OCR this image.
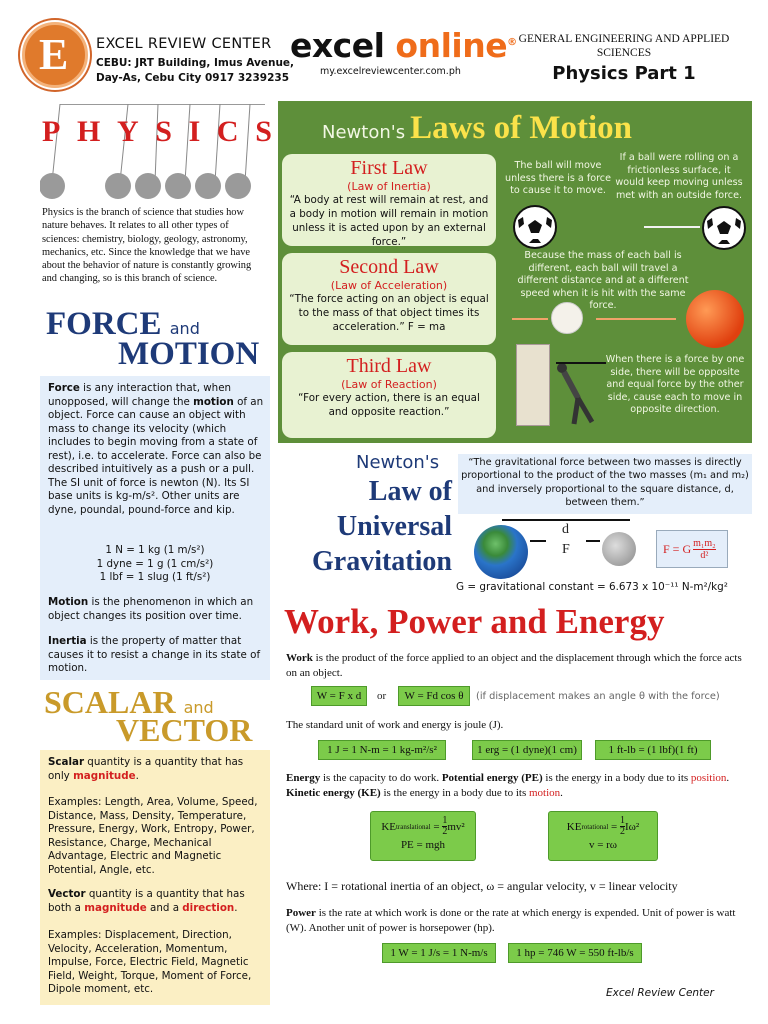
E EXCEL REVIEW CENTER
CEBU: JRT Building, Imus Avenue,
Day-As, Cebu City 0917 3239235
excel online®
my.excelreviewcenter.com.ph
GENERAL ENGINEERING AND APPLIED
SCIENCES
Physics Part 1
P H Y S I C S
Physics is the branch of science that studies how nature behaves. It relates to all other types of sciences: chemistry, biology, geology, astronomy, mechanics, etc. Since the knowledge that we have about the behavior of nature is constantly growing and changing, so is this branch of science.
FORCE and
MOTION
Force is any interaction that, when unopposed, will change the motion of an object. Force can cause an object with mass to change its velocity (which includes to begin moving from a state of rest), i.e. to accelerate. Force can also be described intuitively as a push or a pull. The SI unit of force is newton (N). Its SI base units is kg-m/s². Other units are dyne, poundal, pound-force and kip.
1 N = 1 kg (1 m/s²)
1 dyne = 1 g (1 cm/s²)
1 lbf = 1 slug (1 ft/s²)
Motion is the phenomenon in which an object changes its position over time.
Inertia is the property of matter that causes it to resist a change in its state of motion.
SCALAR and
VECTOR
Scalar quantity is a quantity that has only magnitude.
Examples: Length, Area, Volume, Speed, Distance, Mass, Density, Temperature, Pressure, Energy, Work, Entropy, Power, Resistance, Charge, Mechanical Advantage, Electric and Magnetic Potential, Angle, etc.
Vector quantity is a quantity that has both a magnitude and a direction.
Examples: Displacement, Direction, Velocity, Acceleration, Momentum, Impulse, Force, Electric Field, Magnetic Field, Weight, Torque, Moment of Force, Dipole moment, etc.
Newton's Laws of Motion
First Law
(Law of Inertia)
“A body at rest will remain at rest, and a body in motion will remain in motion unless it is acted upon by an external force.”
Second Law
(Law of Acceleration)
“The force acting on an object is equal to the mass of that object times its acceleration.” F = ma
Third Law
(Law of Reaction)
“For every action, there is an equal and opposite reaction.”
The ball will move unless there is a force to cause it to move.
If a ball were rolling on a frictionless surface, it would keep moving unless met with an outside force.
Because the mass of each ball is different, each ball will travel a different distance and at a different speed when it is hit with the same force.
When there is a force by one side, there will be opposite and equal force by the other side, cause each to move in opposite direction.
Newton's
Law of
Universal
Gravitation
“The gravitational force between two masses is directly proportional to the product of the two masses (m₁ and m₂) and inversely proportional to the square distance, d, between them.”
d
F	F = G m₁m₂
d²
G = gravitational constant = 6.673 x 10⁻¹¹ N-m²/kg²
Work, Power and Energy
Work is the product of the force applied to an object and the displacement through which the force acts on an object.
W = F x d	or	W = Fd cos θ	(if displacement makes an angle θ with the force)
The standard unit of work and energy is joule (J).
1 J = 1 N-m = 1 kg-m²/s²	1 erg = (1 dyne)(1 cm)	1 ft-lb = (1 lbf)(1 ft)
Energy is the capacity to do work. Potential energy (PE) is the energy in a body due to its position. Kinetic energy (KE) is the energy in a body due to its motion.
KE translational = $\frac{1}{2} mv^2$
PE = mgh
KE rotational = $\frac{1}{2} I\omega^2$
v = rω
Where: I = rotational inertia of an object, ω = angular velocity, v = linear velocity
Power is the rate at which work is done or the rate at which energy is expended. Unit of power is watt (W). Another unit of power is horsepower (hp).
1 W = 1 J/s = 1 N-m/s	1 hp = 746 W = 550 ft-lb/s
Excel Review Center
